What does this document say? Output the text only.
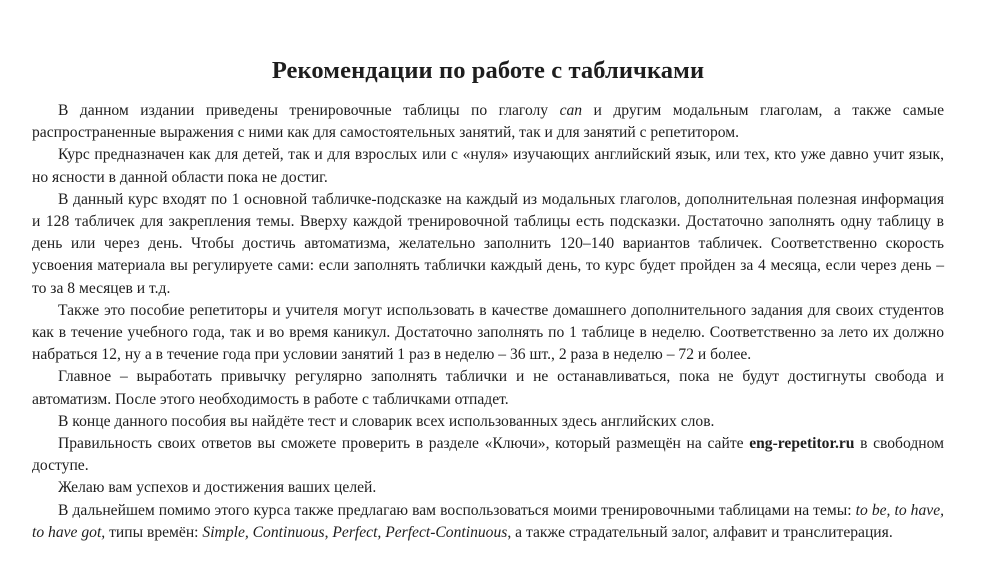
Рекомендации по работе с табличками

В данном издании приведены тренировочные таблицы по глаголу can и другим модальным глаголам, а также самые распространенные выражения с ними как для самостоятельных занятий, так и для занятий с репетитором.

Курс предназначен как для детей, так и для взрослых или с «нуля» изучающих английский язык, или тех, кто уже давно учит язык, но ясности в данной области пока не достиг.

В данный курс входят по 1 основной табличке-подсказке на каждый из модальных глаголов, дополнительная полезная информация и 128 табличек для закрепления темы. Вверху каждой тренировочной таблицы есть подсказки. Достаточно заполнять одну таблицу в день или через день. Чтобы достичь автоматизма, желательно заполнить 120–140 вариантов табличек. Соответственно скорость усвоения материала вы регулируете сами: если заполнять таблички каждый день, то курс будет пройден за 4 месяца, если через день – то за 8 месяцев и т.д.

Также это пособие репетиторы и учителя могут использовать в качестве домашнего дополнительного задания для своих студентов как в течение учебного года, так и во время каникул. Достаточно заполнять по 1 таблице в неделю. Соответственно за лето их должно набраться 12, ну а в течение года при условии занятий 1 раз в неделю – 36 шт., 2 раза в неделю – 72 и более.

Главное – выработать привычку регулярно заполнять таблички и не останавливаться, пока не будут достигнуты свобода и автоматизм. После этого необходимость в работе с табличками отпадет.

В конце данного пособия вы найдёте тест и словарик всех использованных здесь английских слов.

Правильность своих ответов вы сможете проверить в разделе «Ключи», который размещён на сайте eng-repetitor.ru в свободном доступе.

Желаю вам успехов и достижения ваших целей.

В дальнейшем помимо этого курса также предлагаю вам воспользоваться моими тренировочными таблицами на темы: to be, to have, to have got, типы времён: Simple, Continuous, Perfect, Perfect-Continuous, а также страдательный залог, алфавит и транслитерация.
